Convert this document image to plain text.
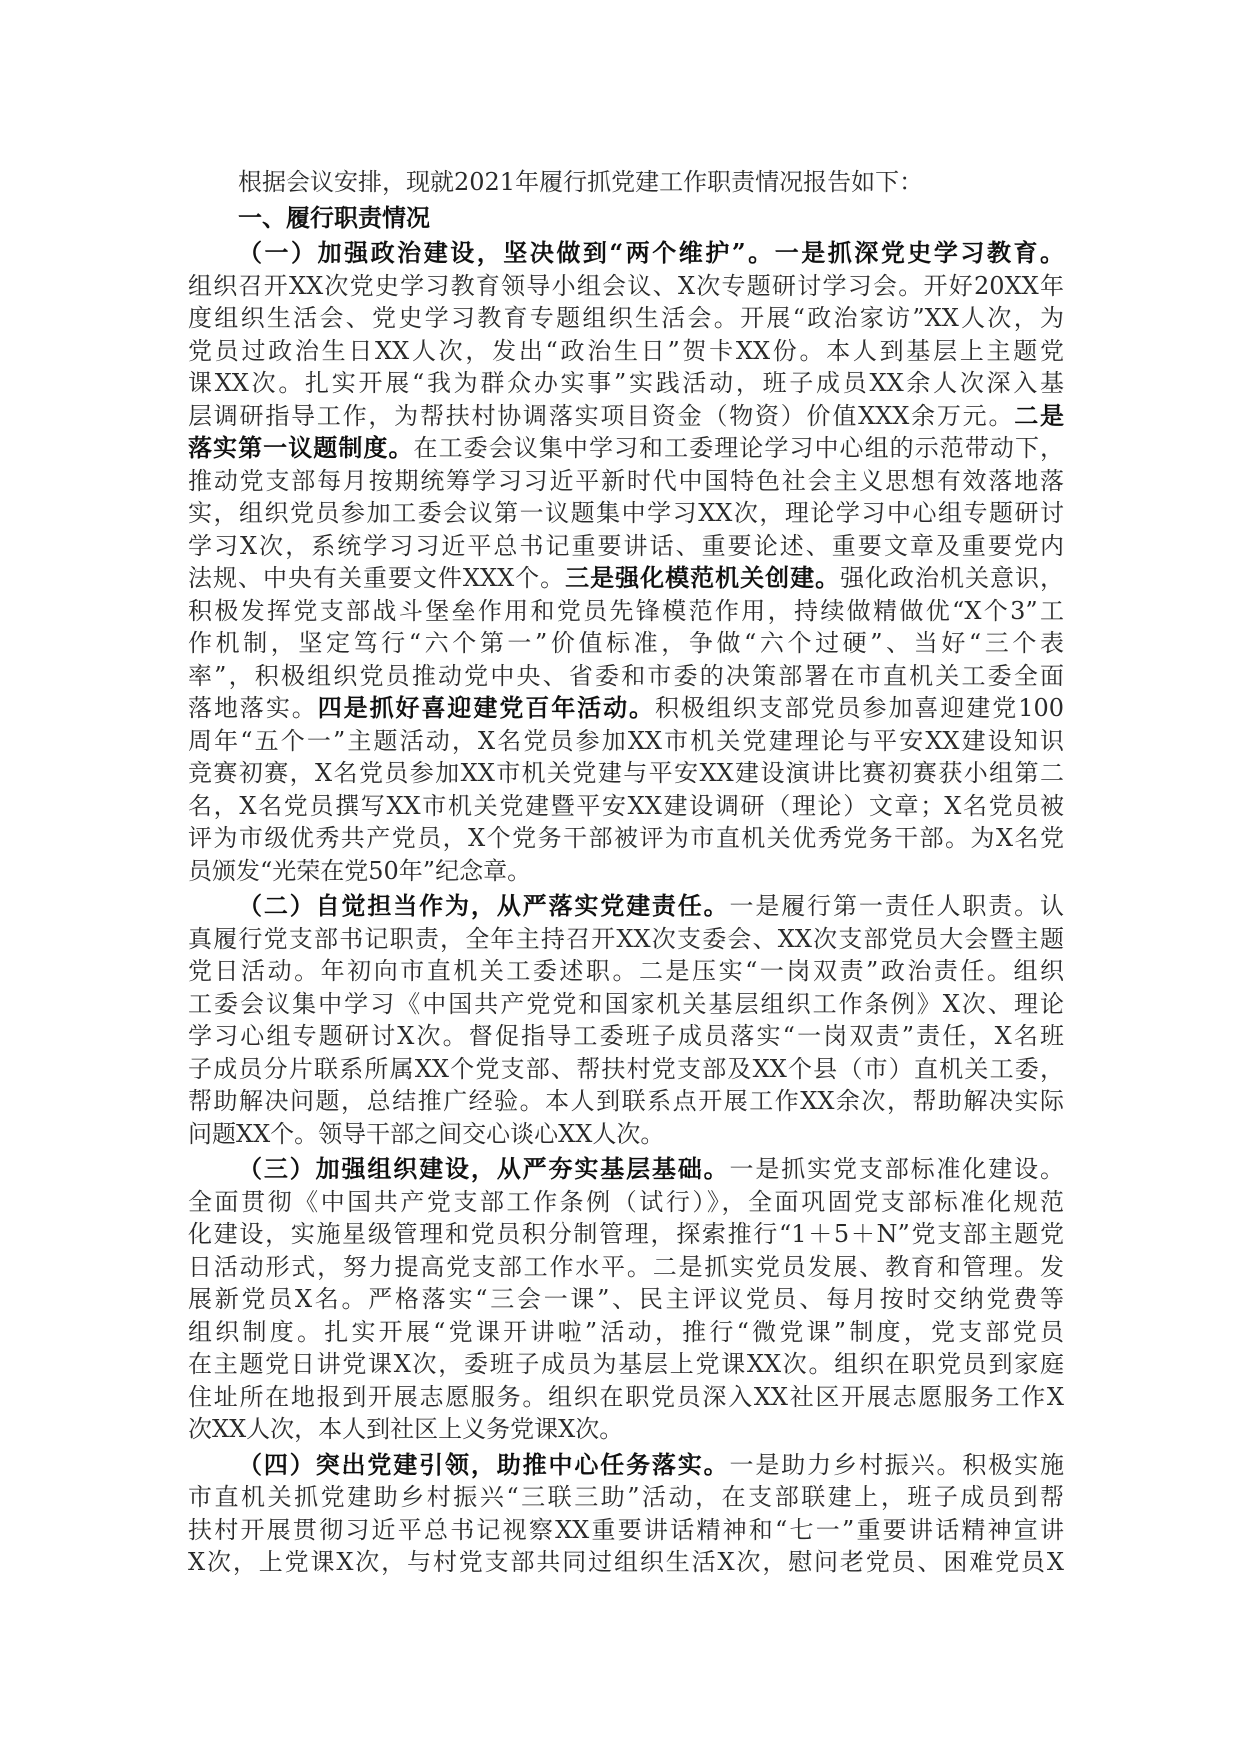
根据会议安排，现就2021年履行抓党建工作职责情况报告如下：
一、履行职责情况
（一）加强政治建设，坚决做到“两个维护”。一是抓深党史学习教育。
组织召开XX次党史学习教育领导小组会议、X次专题研讨学习会。开好20XX年
度组织生活会、党史学习教育专题组织生活会。开展“政治家访”XX人次，为
党员过政治生日XX人次，发出“政治生日”贺卡XX份。本人到基层上主题党
课XX次。扎实开展“我为群众办实事”实践活动，班子成员XX余人次深入基
层调研指导工作，为帮扶村协调落实项目资金（物资）价值XXX余万元。二是
落实第一议题制度。在工委会议集中学习和工委理论学习中心组的示范带动下，
推动党支部每月按期统筹学习习近平新时代中国特色社会主义思想有效落地落
实，组织党员参加工委会议第一议题集中学习XX次，理论学习中心组专题研讨
学习X次，系统学习习近平总书记重要讲话、重要论述、重要文章及重要党内
法规、中央有关重要文件XXX个。三是强化模范机关创建。强化政治机关意识，
积极发挥党支部战斗堡垒作用和党员先锋模范作用，持续做精做优“X个3”工
作机制，坚定笃行“六个第一”价值标准，争做“六个过硬”、当好“三个表
率”，积极组织党员推动党中央、省委和市委的决策部署在市直机关工委全面
落地落实。四是抓好喜迎建党百年活动。积极组织支部党员参加喜迎建党100
周年“五个一”主题活动，X名党员参加XX市机关党建理论与平安XX建设知识
竞赛初赛，X名党员参加XX市机关党建与平安XX建设演讲比赛初赛获小组第二
名，X名党员撰写XX市机关党建暨平安XX建设调研（理论）文章；X名党员被
评为市级优秀共产党员，X个党务干部被评为市直机关优秀党务干部。为X名党
员颁发“光荣在党50年”纪念章。
（二）自觉担当作为，从严落实党建责任。一是履行第一责任人职责。认
真履行党支部书记职责，全年主持召开XX次支委会、XX次支部党员大会暨主题
党日活动。年初向市直机关工委述职。二是压实“一岗双责”政治责任。组织
工委会议集中学习《中国共产党党和国家机关基层组织工作条例》X次、理论
学习心组专题研讨X次。督促指导工委班子成员落实“一岗双责”责任，X名班
子成员分片联系所属XX个党支部、帮扶村党支部及XX个县（市）直机关工委，
帮助解决问题，总结推广经验。本人到联系点开展工作XX余次，帮助解决实际
问题XX个。领导干部之间交心谈心XX人次。
（三）加强组织建设，从严夯实基层基础。一是抓实党支部标准化建设。
全面贯彻《中国共产党支部工作条例（试行）》，全面巩固党支部标准化规范
化建设，实施星级管理和党员积分制管理，探索推行“1＋5＋N”党支部主题党
日活动形式，努力提高党支部工作水平。二是抓实党员发展、教育和管理。发
展新党员X名。严格落实“三会一课”、民主评议党员、每月按时交纳党费等
组织制度。扎实开展“党课开讲啦”活动，推行“微党课”制度，党支部党员
在主题党日讲党课X次，委班子成员为基层上党课XX次。组织在职党员到家庭
住址所在地报到开展志愿服务。组织在职党员深入XX社区开展志愿服务工作X
次XX人次，本人到社区上义务党课X次。
（四）突出党建引领，助推中心任务落实。一是助力乡村振兴。积极实施
市直机关抓党建助乡村振兴“三联三助”活动，在支部联建上，班子成员到帮
扶村开展贯彻习近平总书记视察XX重要讲话精神和“七一”重要讲话精神宣讲
X次，上党课X次，与村党支部共同过组织生活X次，慰问老党员、困难党员X
